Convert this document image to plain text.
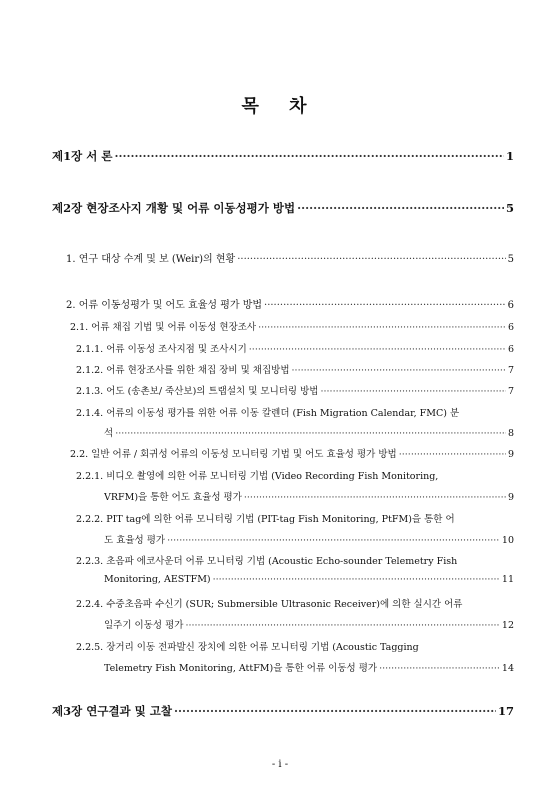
목 차
제1장 서 론 ·····	1
제2장 현장조사지 개황 및 어류 이동성평가 방법 ·····	5
1. 연구 대상 수계 및 보 (Weir)의 현황 ·····	5
2. 어류 이동성평가 및 어도 효율성 평가 방법 ·····	6
2.1. 어류 채집 기법 및 어류 이동성 현장조사 ·····	6
2.1.1. 어류 이동성 조사지점 및 조사시기 ·····	6
2.1.2. 어류 현장조사를 위한 채집 장비 및 채집방법 ·····	7
2.1.3. 어도 (송촌보/ 죽산보)의 트랩설치 및 모니터링 방법 ·····	7
2.1.4. 어류의 이동성 평가를 위한 어류 이동 칼렌더 (Fish Migration Calendar, FMC) 분
석 ·····	8
2.2. 일반 어류 / 회귀성 어류의 이동성 모니터링 기법 및 어도 효율성 평가 방법 ·····	9
2.2.1. 비디오 촬영에 의한 어류 모니터링 기법 (Video Recording Fish Monitoring,
VRFM)을 통한 어도 효율성 평가 ·····	9
2.2.2. PIT tag에 의한 어류 모니터링 기법 (PIT-tag Fish Monitoring, PtFM)을 통한 어
도 효율성 평가 ·····	10
2.2.3. 초음파 에코사운더 어류 모니터링 기법 (Acoustic Echo-sounder Telemetry Fish
Monitoring, AESTFM) ·····	11
2.2.4. 수중초음파 수신기 (SUR; Submersible Ultrasonic Receiver)에 의한 실시간 어류
일주기 이동성 평가 ·····	12
2.2.5. 장거리 이동 전파발신 장치에 의한 어류 모니터링 기법 (Acoustic Tagging
Telemetry Fish Monitoring, AttFM)을 통한 어류 이동성 평가 ·····	14
제3장 연구결과 및 고찰 ·····	17
- i -
